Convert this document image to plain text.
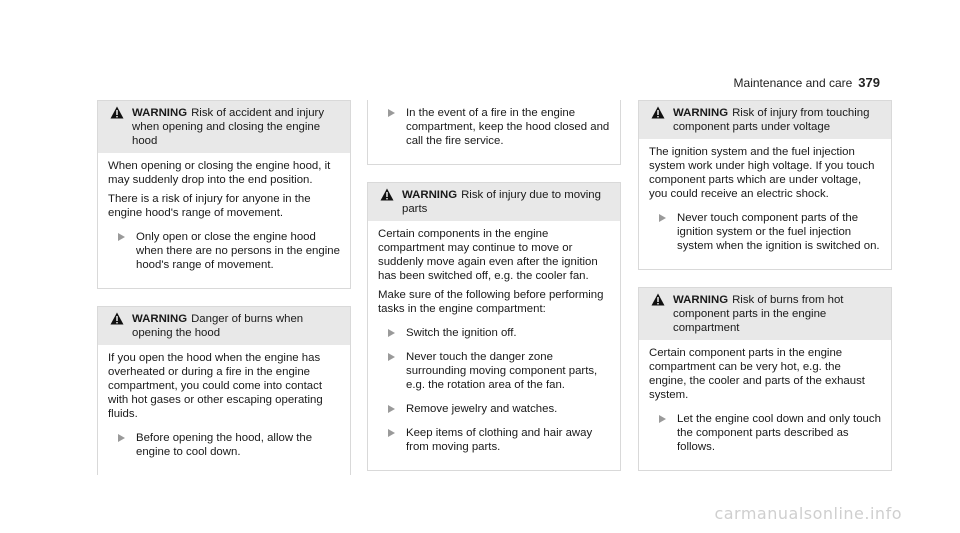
Maintenance and care 379
WARNING Risk of accident and injury when opening and closing the engine hood

When opening or closing the engine hood, it may suddenly drop into the end position.

There is a risk of injury for anyone in the engine hood's range of movement.

Only open or close the engine hood when there are no persons in the engine hood's range of movement.
WARNING Danger of burns when opening the hood

If you open the hood when the engine has overheated or during a fire in the engine compartment, you could come into contact with hot gases or other escaping operating fluids.

Before opening the hood, allow the engine to cool down.
In the event of a fire in the engine compartment, keep the hood closed and call the fire service.
WARNING Risk of injury due to moving parts

Certain components in the engine compartment may continue to move or suddenly move again even after the ignition has been switched off, e.g. the cooler fan.

Make sure of the following before performing tasks in the engine compartment:

Switch the ignition off.
Never touch the danger zone surrounding moving component parts, e.g. the rotation area of the fan.
Remove jewelry and watches.
Keep items of clothing and hair away from moving parts.
WARNING Risk of injury from touching component parts under voltage

The ignition system and the fuel injection system work under high voltage. If you touch component parts which are under voltage, you could receive an electric shock.

Never touch component parts of the ignition system or the fuel injection system when the ignition is switched on.
WARNING Risk of burns from hot component parts in the engine compartment

Certain component parts in the engine compartment can be very hot, e.g. the engine, the cooler and parts of the exhaust system.

Let the engine cool down and only touch the component parts described as follows.
carmanualsonline.info
